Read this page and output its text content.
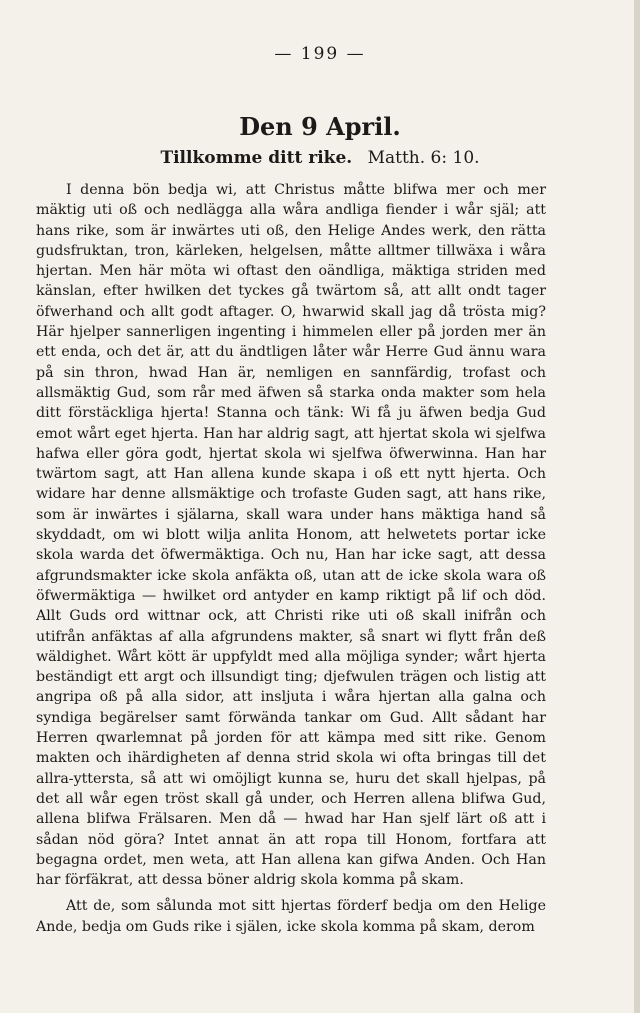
— 199 —
Den 9 April.
Tillkomme ditt rike. Matth. 6: 10.

I denna bön bedja wi, att Christus måtte blifwa mer och mer mäktig uti oß och nedlägga alla wåra andliga fiender i wår själ; att hans rike, som är inwärtes uti oß, den Helige Andes werk, den rätta gudsfruktan, tron, kärleken, helgelsen, måtte alltmer tillwäxa i wåra hjertan. Men här möta wi oftast den oändliga, mäktiga striden med känslan, efter hwilken det tyckes gå twärtom så, att allt ondt tager öfwerhand och allt godt aftager. O, hwarwid skall jag då trösta mig? Här hjelper sannerligen ingenting i himmelen eller på jorden mer än ett enda, och det är, att du ändtligen låter wår Herre Gud ännu wara på sin thron, hwad Han är, nemligen en sannfärdig, trofast och allsmäktig Gud, som rår med äfwen så starka onda makter som hela ditt förstäckliga hjerta! Stanna och tänk: Wi få ju äfwen bedja Gud emot wårt eget hjerta. Han har aldrig sagt, att hjertat skola wi sjelfwa hafwa eller göra godt, hjertat skola wi sjelfwa öfwerwinna. Han har twärtom sagt, att Han allena kunde skapa i oß ett nytt hjerta. Och widare har denne allsmäktige och trofaste Guden sagt, att hans rike, som är inwärtes i själarna, skall wara under hans mäktiga hand så skyddadt, om wi blott wilja anlita Honom, att helwetets portar icke skola warda det öfwermäktiga. Och nu, Han har icke sagt, att dessa afgrundsmakter icke skola anfäkta oß, utan att de icke skola wara oß öfwermäktiga — hwilket ord antyder en kamp riktigt på lif och död. Allt Guds ord wittnar ock, att Christi rike uti oß skall inifrån och utifrån anfäktas af alla afgrundens makter, så snart wi flytt från deß wäldighet. Wårt kött är uppfyldt med alla möjliga synder; wårt hjerta beständigt ett argt och illsundigt ting; djefwulen trägen och listig att angripa oß på alla sidor, att insljuta i wåra hjertan alla galna och syndiga begärelser samt förwända tankar om Gud. Allt sådant har Herren qwarlemnat på jorden för att kämpa med sitt rike. Genom makten och ihärdigheten af denna strid skola wi ofta bringas till det allra-yttersta, så att wi omöjligt kunna se, huru det skall hjelpas, på det all wår egen tröst skall gå under, och Herren allena blifwa Gud, allena blifwa Frälsaren. Men då — hwad har Han sjelf lärt oß att i sådan nöd göra? Intet annat än att ropa till Honom, fortfara att begagna ordet, men weta, att Han allena kan gifwa Anden. Och Han har förfäkrat, att dessa böner aldrig skola komma på skam.

Att de, som sålunda mot sitt hjertas förderf bedja om den Helige Ande, bedja om Guds rike i själen, icke skola komma på skam, derom
